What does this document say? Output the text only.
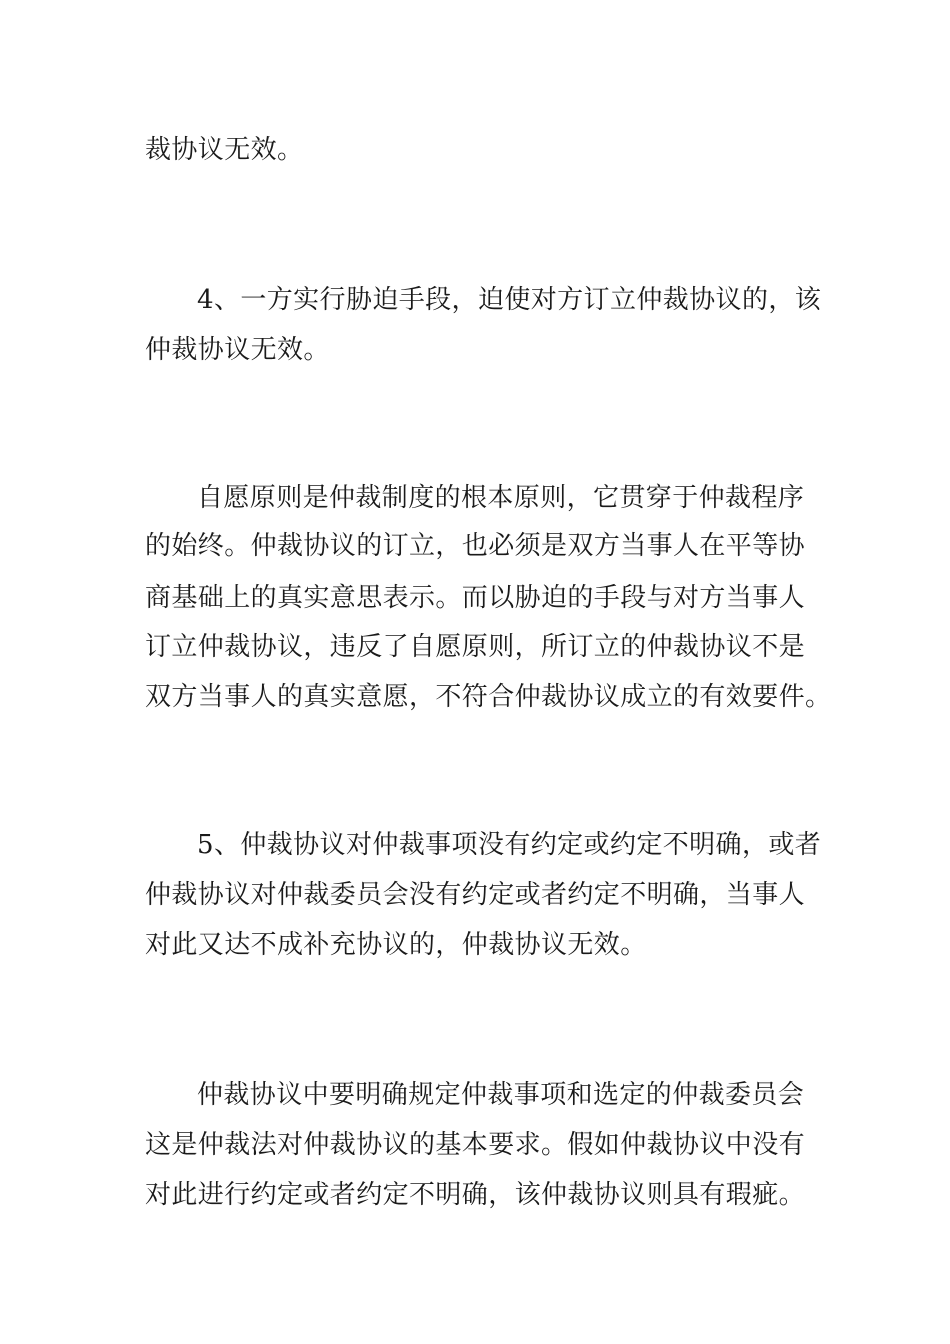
裁协议无效。
4、一方实行胁迫手段，迫使对方订立仲裁协议的，该
仲裁协议无效。
自愿原则是仲裁制度的根本原则，它贯穿于仲裁程序
的始终。仲裁协议的订立，也必须是双方当事人在平等协
商基础上的真实意思表示。而以胁迫的手段与对方当事人
订立仲裁协议，违反了自愿原则，所订立的仲裁协议不是
双方当事人的真实意愿，不符合仲裁协议成立的有效要件。
5、仲裁协议对仲裁事项没有约定或约定不明确，或者
仲裁协议对仲裁委员会没有约定或者约定不明确，当事人
对此又达不成补充协议的，仲裁协议无效。
仲裁协议中要明确规定仲裁事项和选定的仲裁委员会
这是仲裁法对仲裁协议的基本要求。假如仲裁协议中没有
对此进行约定或者约定不明确，该仲裁协议则具有瑕疵。
